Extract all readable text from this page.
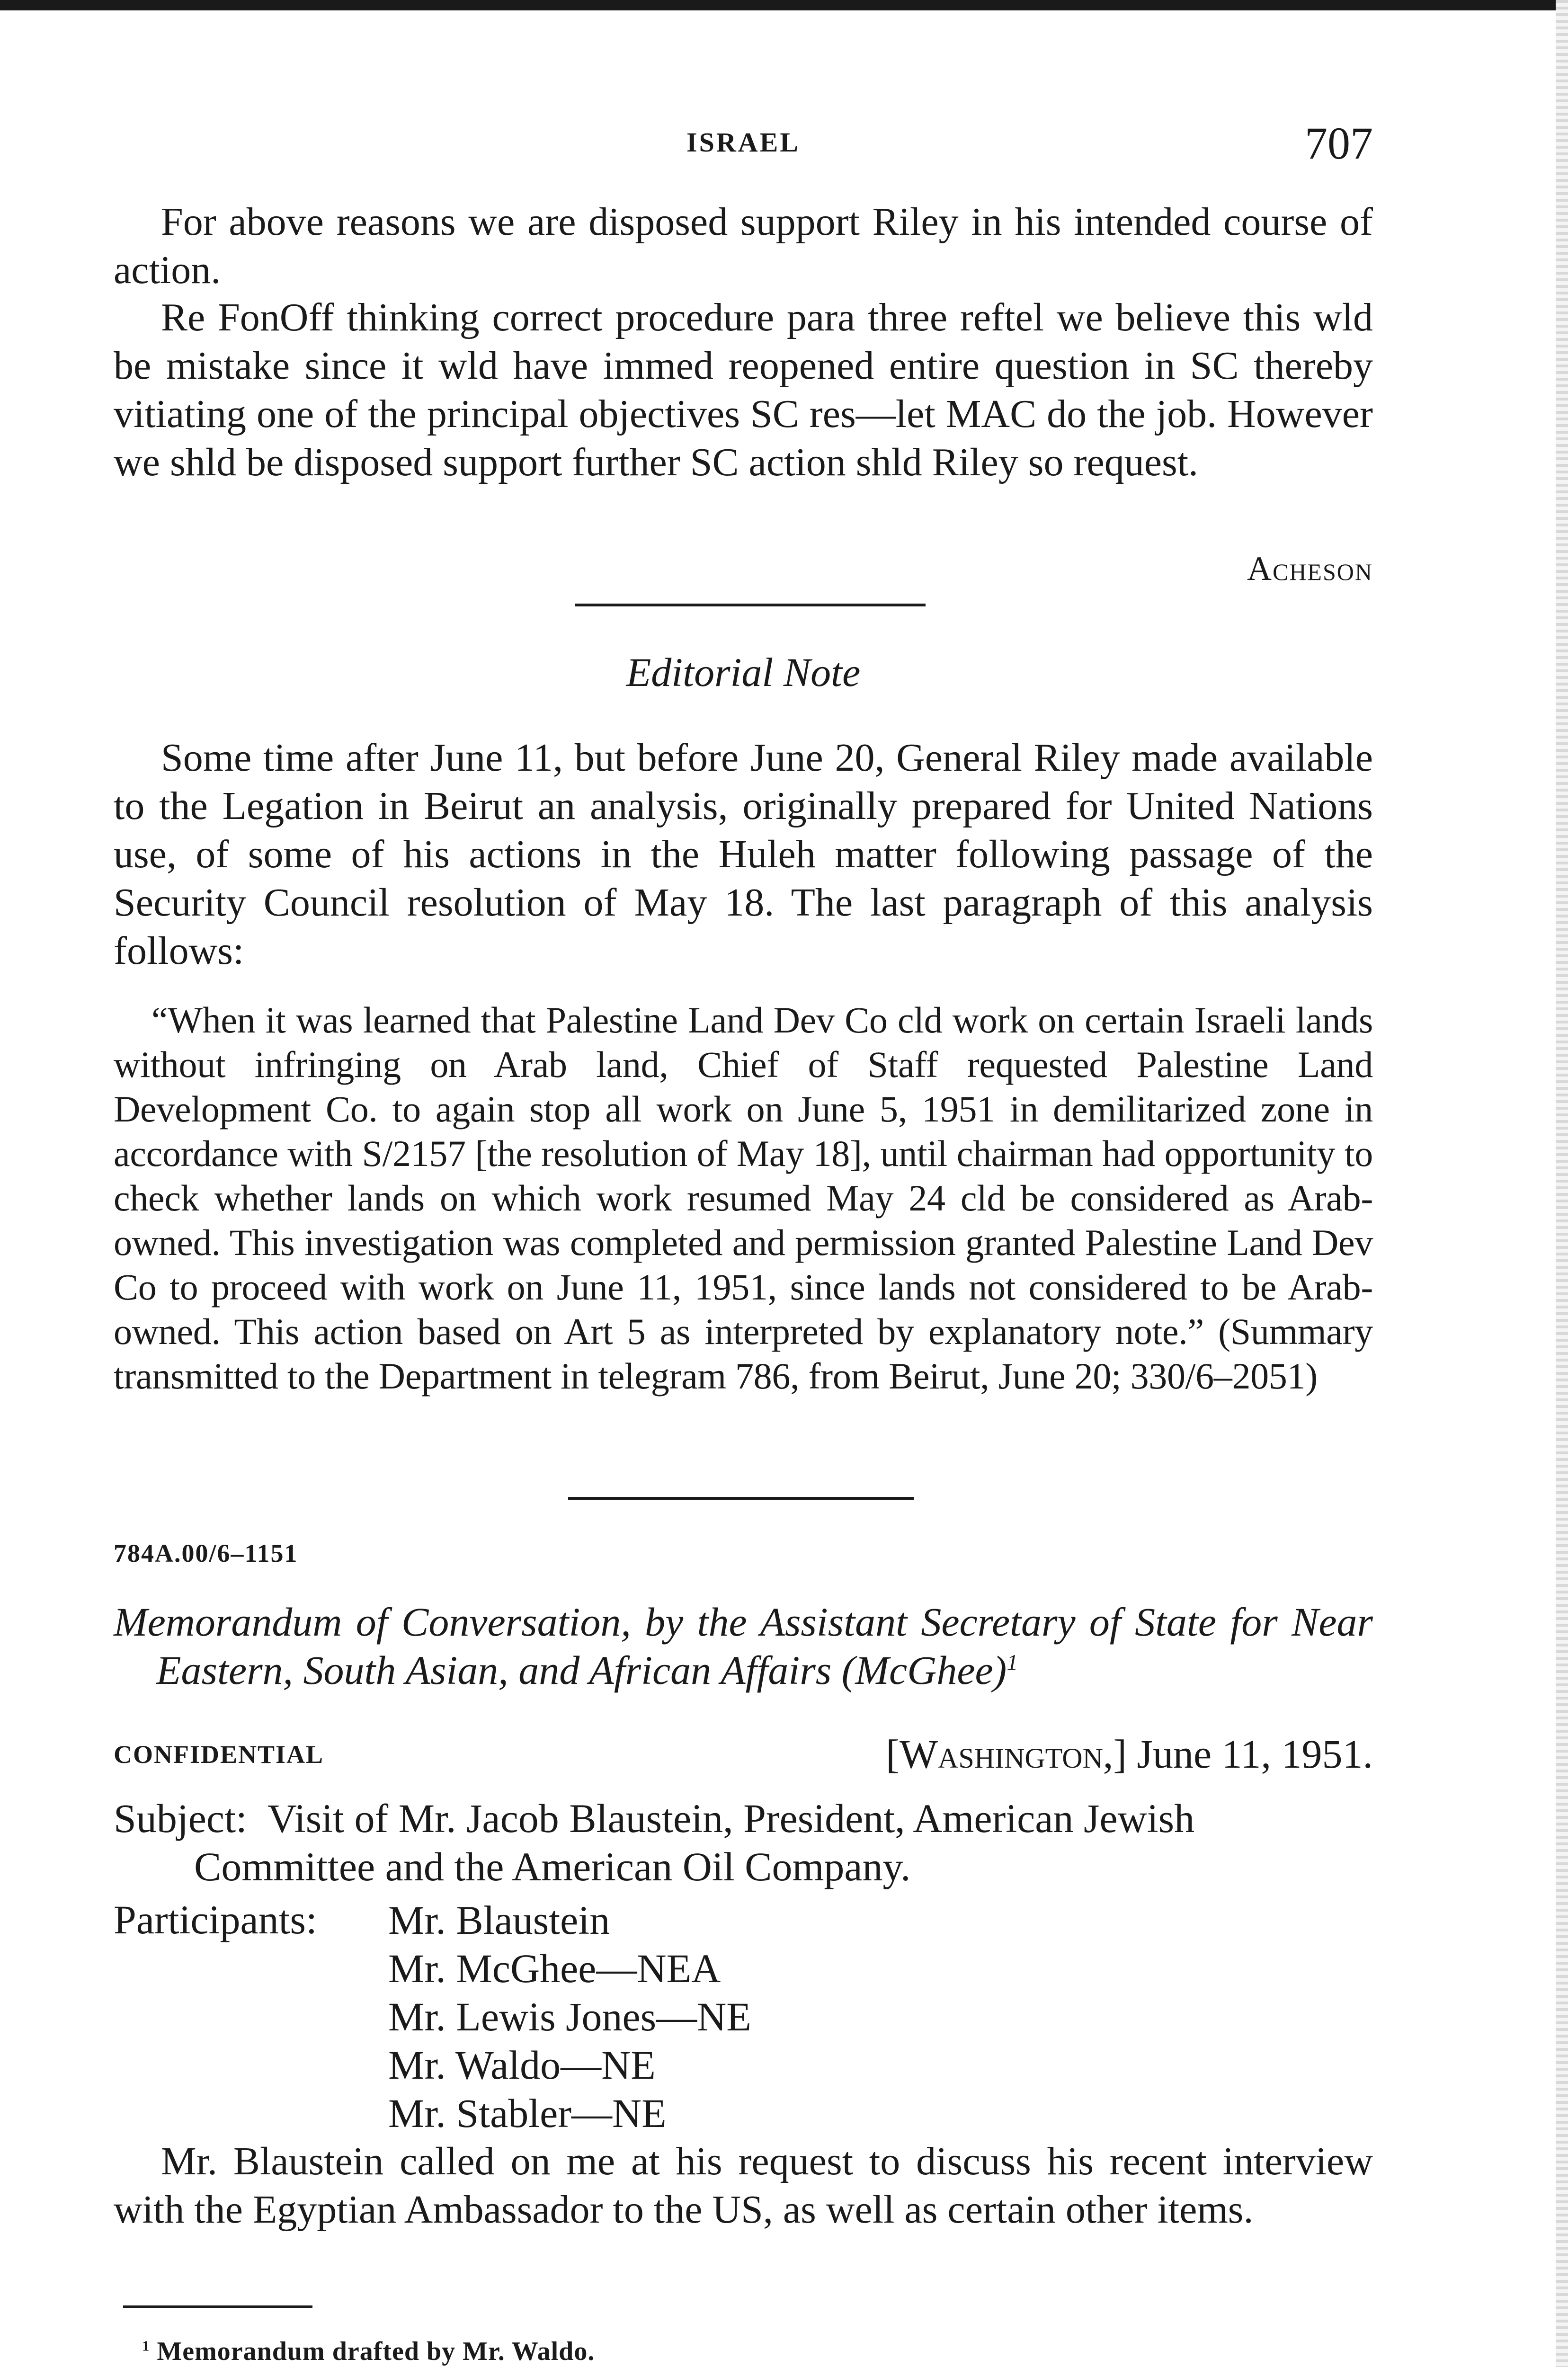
ISRAEL	707

For above reasons we are disposed support Riley in his intended course of action.

Re FonOff thinking correct procedure para three reftel we believe this wld be mistake since it wld have immed reopened entire question in SC thereby vitiating one of the principal objectives SC res—let MAC do the job. However we shld be disposed support further SC action shld Riley so request.

Acheson
Editorial Note

Some time after June 11, but before June 20, General Riley made available to the Legation in Beirut an analysis, originally prepared for United Nations use, of some of his actions in the Huleh matter following passage of the Security Council resolution of May 18. The last paragraph of this analysis follows:

“When it was learned that Palestine Land Dev Co cld work on certain Israeli lands without infringing on Arab land, Chief of Staff requested Palestine Land Development Co. to again stop all work on June 5, 1951 in demilitarized zone in accordance with S/2157 [the resolution of May 18], until chairman had opportunity to check whether lands on which work resumed May 24 cld be considered as Arab-owned. This investigation was completed and permission granted Palestine Land Dev Co to proceed with work on June 11, 1951, since lands not considered to be Arab-owned. This action based on Art 5 as interpreted by explanatory note.” (Summary transmitted to the Department in telegram 786, from Beirut, June 20; 330/6–2051)

784A.00/6–1151

Memorandum of Conversation, by the Assistant Secretary of State for Near Eastern, South Asian, and African Affairs (McGhee)$^1$

CONFIDENTIAL	[Washington,] June 11, 1951.

Subject: Visit of Mr. Jacob Blaustein, President, American Jewish Committee and the American Oil Company.

Participants: Mr. Blaustein
Mr. McGhee—NEA
Mr. Lewis Jones—NE
Mr. Waldo—NE
Mr. Stabler—NE

Mr. Blaustein called on me at his request to discuss his recent interview with the Egyptian Ambassador to the US, as well as certain other items.

$^1$ Memorandum drafted by Mr. Waldo.
